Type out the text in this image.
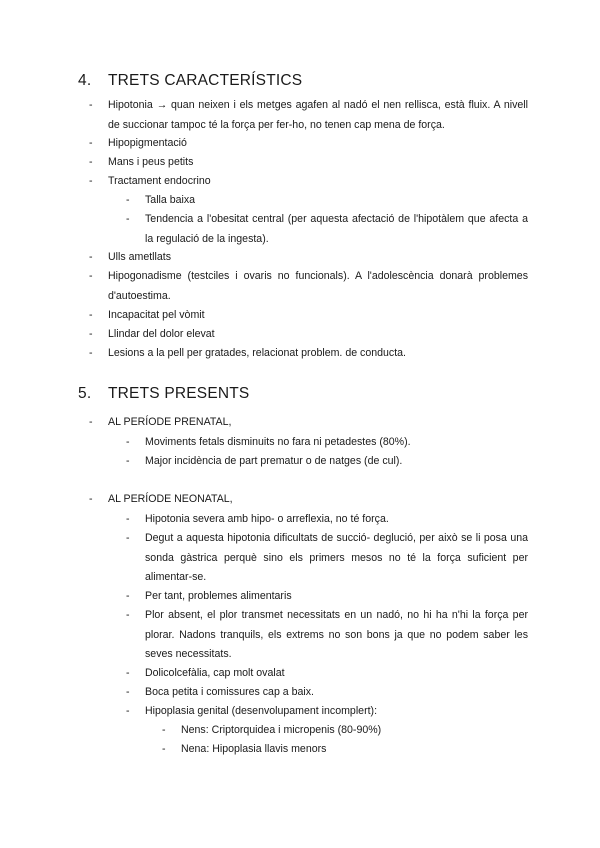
4. TRETS CARACTERÍSTICS
- Hipotonia → quan neixen i els metges agafen al nadó el nen rellisca, està fluix. A nivell de succionar tampoc té la força per fer-ho, no tenen cap mena de força.
- Hipopigmentació
- Mans i peus petits
- Tractament endocrino
- Talla baixa
- Tendencia a l'obesitat central (per aquesta afectació de l'hipotàlem que afecta a la regulació de la ingesta).
- Ulls ametllats
- Hipogonadisme (testciles i ovaris no funcionals). A l'adolescència donarà problemes d'autoestima.
- Incapacitat pel vòmit
- Llindar del dolor elevat
- Lesions a la pell per gratades, relacionat problem. de conducta.
5. TRETS PRESENTS
- AL PERÍODE PRENATAL,
- Moviments fetals disminuits no fara ni petadestes (80%).
- Major incidència de part prematur o de natges (de cul).
- AL PERÍODE NEONATAL,
- Hipotonia severa amb hipo- o arreflexia, no té força.
- Degut a aquesta hipotonia dificultats de succió- deglució, per això se li posa una sonda gàstrica perquè sino els primers mesos no té la força suficient per alimentar-se.
- Per tant, problemes alimentaris
- Plor absent, el plor transmet necessitats en un nadó, no hi ha n'hi la força per plorar. Nadons tranquils, els extrems no son bons ja que no podem saber les seves necessitats.
- Dolicolcefàlia, cap molt ovalat
- Boca petita i comissures cap a baix.
- Hipoplasia genital (desenvolupament incomplert):
- Nens: Criptorquidea i micropenis (80-90%)
- Nena: Hipoplasia llavis menors
